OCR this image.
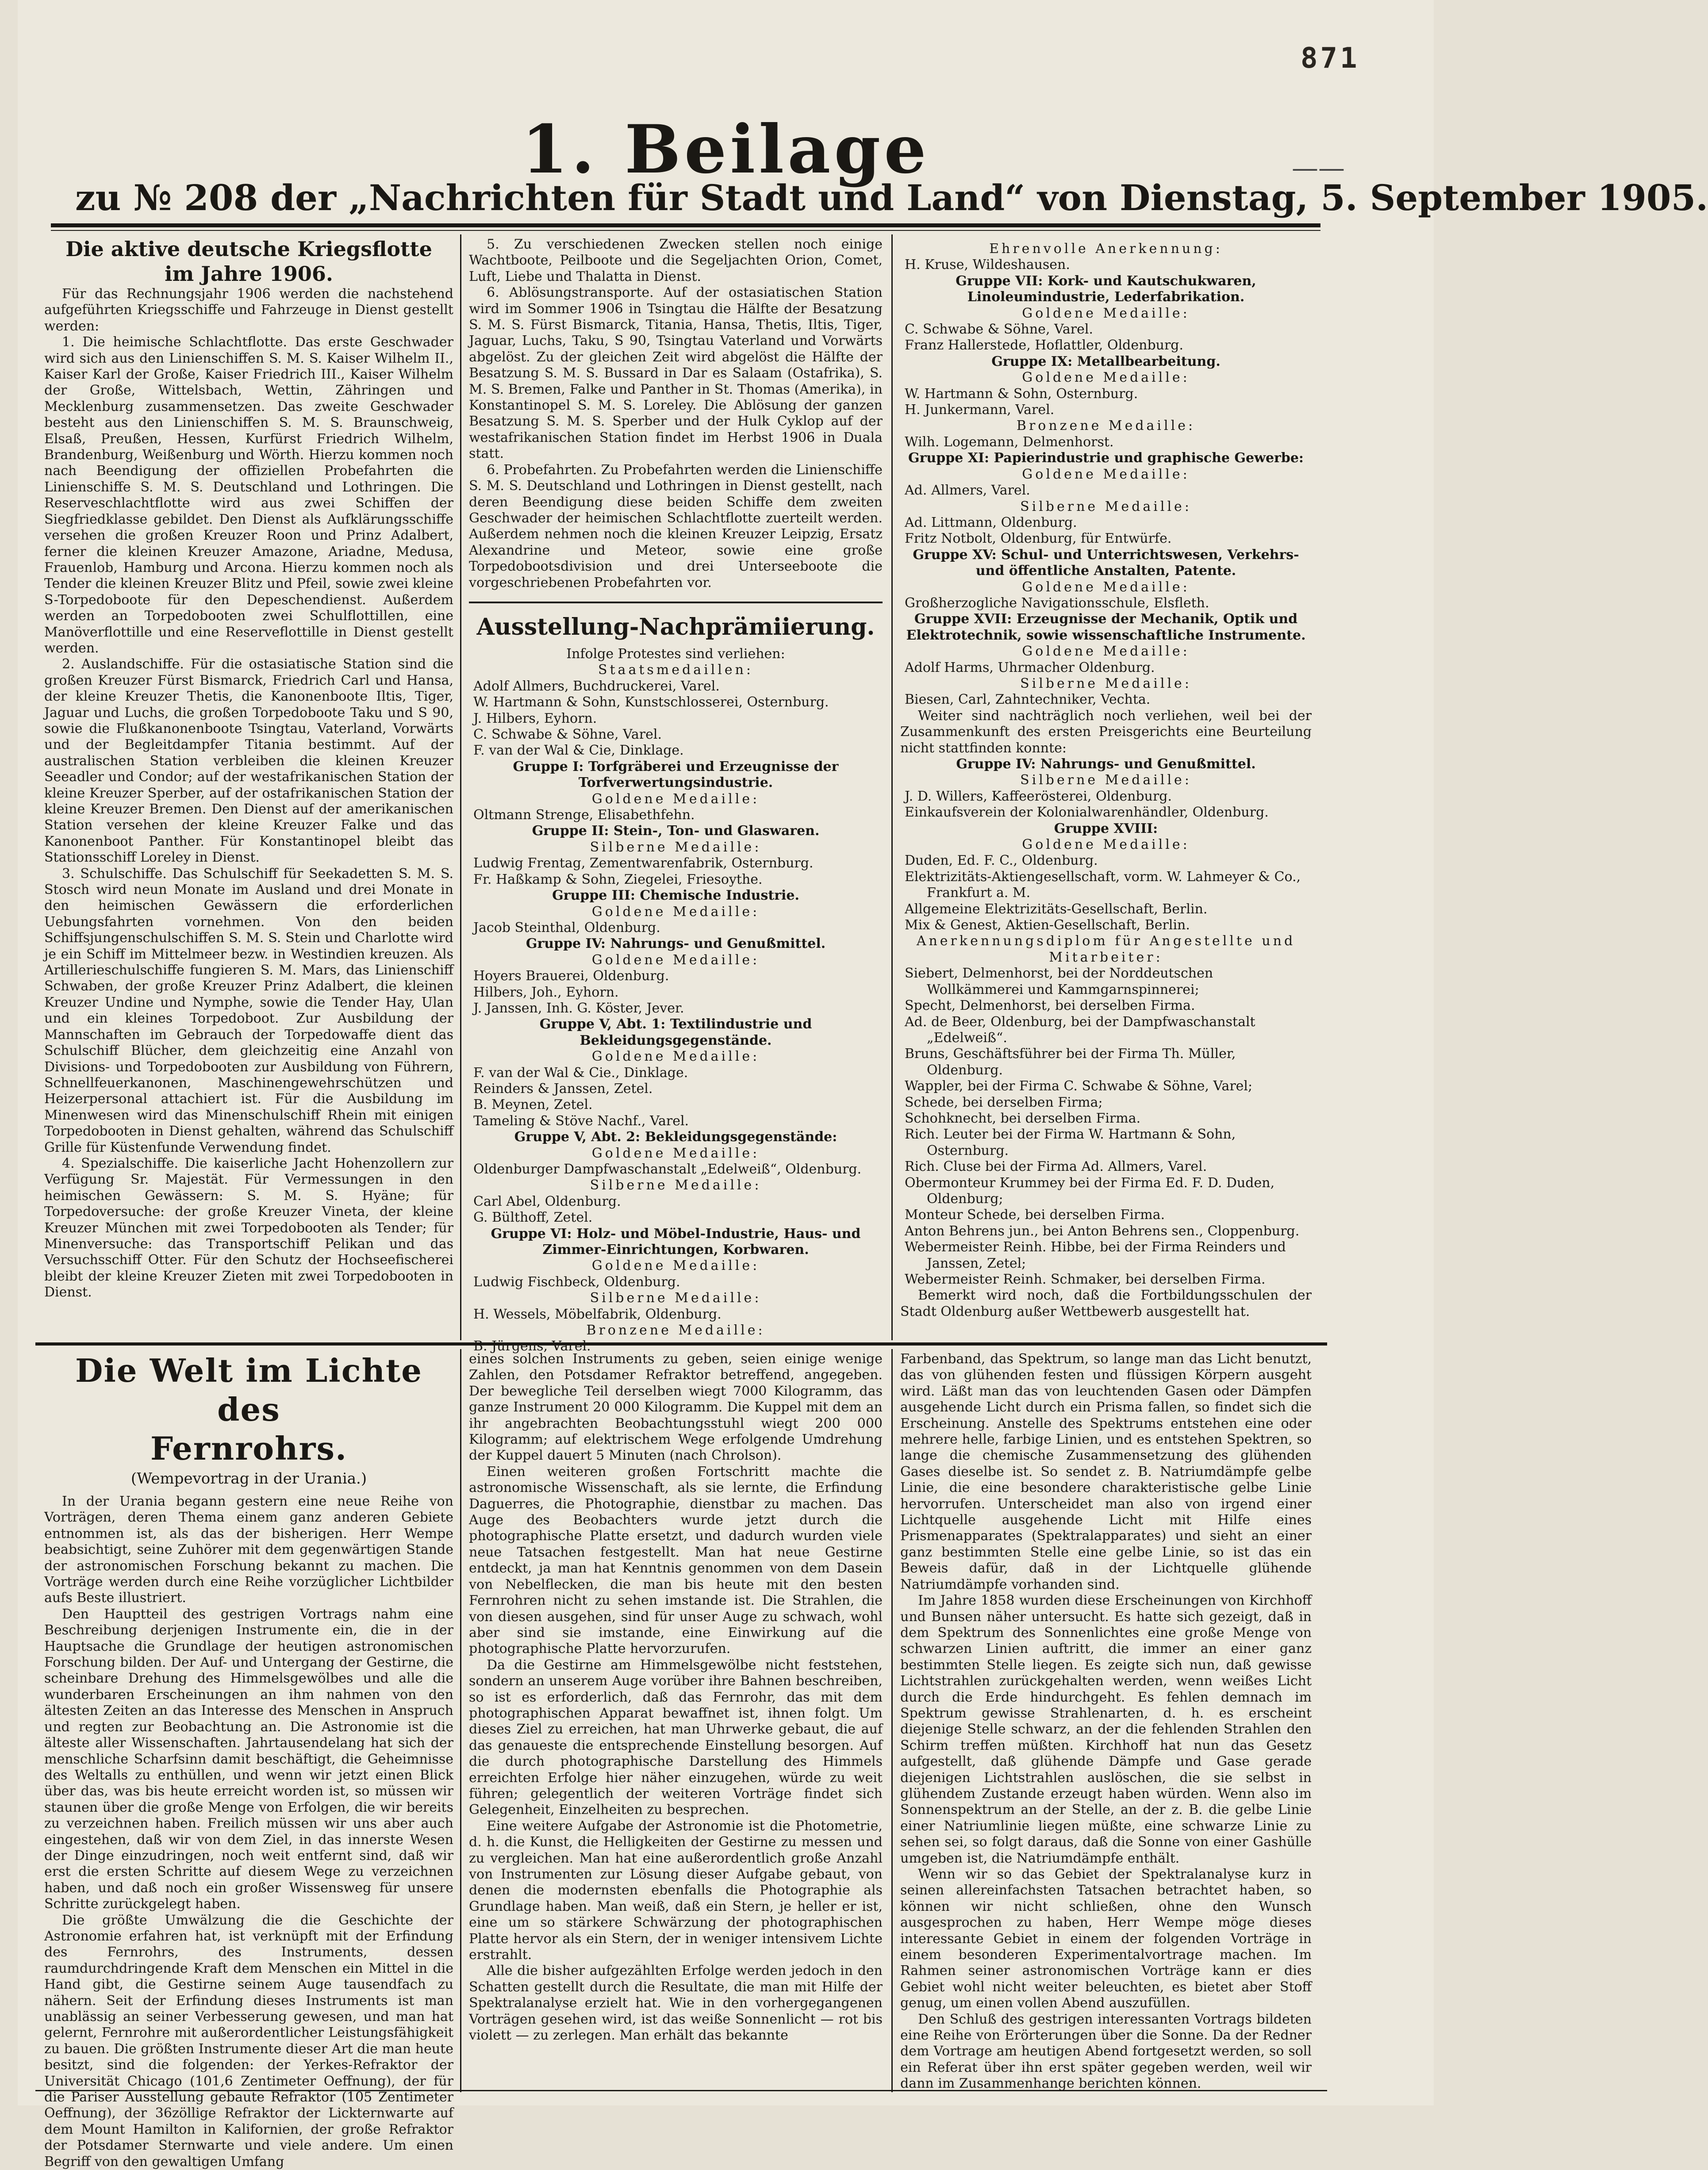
871
——
1. Beilage
zu № 208 der „Nachrichten für Stadt und Land“ von Dienstag, 5. September 1905.

Die aktive deutsche Kriegsflotte

im Jahre 1906.

Für das Rechnungsjahr 1906 werden die nachstehend aufgeführten Kriegsschiffe und Fahrzeuge in Dienst gestellt werden:

1. Die heimische Schlachtflotte. Das erste Geschwader wird sich aus den Linienschiffen S. M. S. Kaiser Wilhelm II., Kaiser Karl der Große, Kaiser Friedrich III., Kaiser Wilhelm der Große, Wittelsbach, Wettin, Zähringen und Mecklenburg zusammensetzen. Das zweite Geschwader besteht aus den Linienschiffen S. M. S. Braunschweig, Elsaß, Preußen, Hessen, Kurfürst Friedrich Wilhelm, Brandenburg, Weißenburg und Wörth. Hierzu kommen noch nach Beendigung der offiziellen Probefahrten die Linienschiffe S. M. S. Deutschland und Lothringen. Die Reserveschlachtflotte wird aus zwei Schiffen der Siegfriedklasse gebildet. Den Dienst als Aufklärungsschiffe versehen die großen Kreuzer Roon und Prinz Adalbert, ferner die kleinen Kreuzer Amazone, Ariadne, Medusa, Frauenlob, Hamburg und Arcona. Hierzu kommen noch als Tender die kleinen Kreuzer Blitz und Pfeil, sowie zwei kleine S-Torpedoboote für den Depeschendienst. Außerdem werden an Torpedobooten zwei Schulflottillen, eine Manöverflottille und eine Reserveflottille in Dienst gestellt werden.

2. Auslandschiffe. Für die ostasiatische Station sind die großen Kreuzer Fürst Bismarck, Friedrich Carl und Hansa, der kleine Kreuzer Thetis, die Kanonenboote Iltis, Tiger, Jaguar und Luchs, die großen Torpedoboote Taku und S 90, sowie die Flußkanonenboote Tsingtau, Vaterland, Vorwärts und der Begleitdampfer Titania bestimmt. Auf der australischen Station verbleiben die kleinen Kreuzer Seeadler und Condor; auf der westafrikanischen Station der kleine Kreuzer Sperber, auf der ostafrikanischen Station der kleine Kreuzer Bremen. Den Dienst auf der amerikanischen Station versehen der kleine Kreuzer Falke und das Kanonenboot Panther. Für Konstantinopel bleibt das Stationsschiff Loreley in Dienst.

3. Schulschiffe. Das Schulschiff für Seekadetten S. M. S. Stosch wird neun Monate im Ausland und drei Monate in den heimischen Gewässern die erforderlichen Uebungsfahrten vornehmen. Von den beiden Schiffsjungenschulschiffen S. M. S. Stein und Charlotte wird je ein Schiff im Mittelmeer bezw. in Westindien kreuzen. Als Artillerieschulschiffe fungieren S. M. Mars, das Linienschiff Schwaben, der große Kreuzer Prinz Adalbert, die kleinen Kreuzer Undine und Nymphe, sowie die Tender Hay, Ulan und ein kleines Torpedoboot. Zur Ausbildung der Mannschaften im Gebrauch der Torpedowaffe dient das Schulschiff Blücher, dem gleichzeitig eine Anzahl von Divisions- und Torpedobooten zur Ausbildung von Führern, Schnellfeuerkanonen, Maschinengewehrschützen und Heizerpersonal attachiert ist. Für die Ausbildung im Minenwesen wird das Minenschulschiff Rhein mit einigen Torpedobooten in Dienst gehalten, während das Schulschiff Grille für Küstenfunde Verwendung findet.

4. Spezialschiffe. Die kaiserliche Jacht Hohenzollern zur Verfügung Sr. Majestät. Für Vermessungen in den heimischen Gewässern: S. M. S. Hyäne; für Torpedoversuche: der große Kreuzer Vineta, der kleine Kreuzer München mit zwei Torpedobooten als Tender; für Minenversuche: das Transportschiff Pelikan und das Versuchsschiff Otter. Für den Schutz der Hochseefischerei bleibt der kleine Kreuzer Zieten mit zwei Torpedobooten in Dienst.

5. Zu verschiedenen Zwecken stellen noch einige Wachtboote, Peilboote und die Segeljachten Orion, Comet, Luft, Liebe und Thalatta in Dienst.

6. Ablösungstransporte. Auf der ostasiatischen Station wird im Sommer 1906 in Tsingtau die Hälfte der Besatzung S. M. S. Fürst Bismarck, Titania, Hansa, Thetis, Iltis, Tiger, Jaguar, Luchs, Taku, S 90, Tsingtau Vaterland und Vorwärts abgelöst. Zu der gleichen Zeit wird abgelöst die Hälfte der Besatzung S. M. S. Bussard in Dar es Salaam (Ostafrika), S. M. S. Bremen, Falke und Panther in St. Thomas (Amerika), in Konstantinopel S. M. S. Loreley. Die Ablösung der ganzen Besatzung S. M. S. Sperber und der Hulk Cyklop auf der westafrikanischen Station findet im Herbst 1906 in Duala statt.

6. Probefahrten. Zu Probefahrten werden die Linienschiffe S. M. S. Deutschland und Lothringen in Dienst gestellt, nach deren Beendigung diese beiden Schiffe dem zweiten Geschwader der heimischen Schlachtflotte zuerteilt werden. Außerdem nehmen noch die kleinen Kreuzer Leipzig, Ersatz Alexandrine und Meteor, sowie eine große Torpedobootsdivision und drei Unterseeboote die vorgeschriebenen Probefahrten vor.

Ausstellung-Nachprämiierung.

Infolge Protestes sind verliehen:

Staatsmedaillen:

Adolf Allmers, Buchdruckerei, Varel.

W. Hartmann & Sohn, Kunstschlosserei, Osternburg.

J. Hilbers, Eyhorn.

C. Schwabe & Söhne, Varel.

F. van der Wal & Cie, Dinklage.

Gruppe I: Torfgräberei und Erzeugnisse der Torfverwertungsindustrie.

Goldene Medaille:

Oltmann Strenge, Elisabethfehn.

Gruppe II: Stein-, Ton- und Glaswaren.

Silberne Medaille:

Ludwig Frentag, Zementwarenfabrik, Osternburg.

Fr. Haßkamp & Sohn, Ziegelei, Friesoythe.

Gruppe III: Chemische Industrie.

Goldene Medaille:

Jacob Steinthal, Oldenburg.

Gruppe IV: Nahrungs- und Genußmittel.

Goldene Medaille:

Hoyers Brauerei, Oldenburg.

Hilbers, Joh., Eyhorn.

J. Janssen, Inh. G. Köster, Jever.

Gruppe V, Abt. 1: Textilindustrie und Bekleidungsgegenstände.

Goldene Medaille:

F. van der Wal & Cie., Dinklage.

Reinders & Janssen, Zetel.

B. Meynen, Zetel.

Tameling & Stöve Nachf., Varel.

Gruppe V, Abt. 2: Bekleidungsgegenstände:

Goldene Medaille:

Oldenburger Dampfwaschanstalt „Edelweiß“, Oldenburg.

Silberne Medaille:

Carl Abel, Oldenburg.

G. Bülthoff, Zetel.

Gruppe VI: Holz- und Möbel-Industrie, Haus- und Zimmer-Einrichtungen, Korbwaren.

Goldene Medaille:

Ludwig Fischbeck, Oldenburg.

Silberne Medaille:

H. Wessels, Möbelfabrik, Oldenburg.

Bronzene Medaille:

B. Jürgens, Varel.

Ehrenvolle Anerkennung:

H. Kruse, Wildeshausen.

Gruppe VII: Kork- und Kautschukwaren, Linoleumindustrie, Lederfabrikation.

Goldene Medaille:

C. Schwabe & Söhne, Varel.

Franz Hallerstede, Hoflattler, Oldenburg.

Gruppe IX: Metallbearbeitung.

Goldene Medaille:

W. Hartmann & Sohn, Osternburg.

H. Junkermann, Varel.

Bronzene Medaille:

Wilh. Logemann, Delmenhorst.

Gruppe XI: Papierindustrie und graphische Gewerbe:

Goldene Medaille:

Ad. Allmers, Varel.

Silberne Medaille:

Ad. Littmann, Oldenburg.

Fritz Notbolt, Oldenburg, für Entwürfe.

Gruppe XV: Schul- und Unterrichtswesen, Verkehrs- und öffentliche Anstalten, Patente.

Goldene Medaille:

Großherzogliche Navigationsschule, Elsfleth.

Gruppe XVII: Erzeugnisse der Mechanik, Optik und Elektrotechnik, sowie wissenschaftliche Instrumente.

Goldene Medaille:

Adolf Harms, Uhrmacher Oldenburg.

Silberne Medaille:

Biesen, Carl, Zahntechniker, Vechta.

Weiter sind nachträglich noch verliehen, weil bei der Zusammenkunft des ersten Preisgerichts eine Beurteilung nicht stattfinden konnte:

Gruppe IV: Nahrungs- und Genußmittel.

Silberne Medaille:

J. D. Willers, Kaffeerösterei, Oldenburg.

Einkaufsverein der Kolonialwarenhändler, Oldenburg.

Gruppe XVIII:

Goldene Medaille:

Duden, Ed. F. C., Oldenburg.

Elektrizitäts-Aktiengesellschaft, vorm. W. Lahmeyer & Co., Frankfurt a. M.

Allgemeine Elektrizitäts-Gesellschaft, Berlin.

Mix & Genest, Aktien-Gesellschaft, Berlin.

Anerkennungsdiplom für Angestellte und Mitarbeiter:

Siebert, Delmenhorst, bei der Norddeutschen Wollkämmerei und Kammgarnspinnerei;

Specht, Delmenhorst, bei derselben Firma.

Ad. de Beer, Oldenburg, bei der Dampfwaschanstalt „Edelweiß“.

Bruns, Geschäftsführer bei der Firma Th. Müller, Oldenburg.

Wappler, bei der Firma C. Schwabe & Söhne, Varel;

Schede, bei derselben Firma;

Schohknecht, bei derselben Firma.

Rich. Leuter bei der Firma W. Hartmann & Sohn, Osternburg.

Rich. Cluse bei der Firma Ad. Allmers, Varel.

Obermonteur Krummey bei der Firma Ed. F. D. Duden, Oldenburg;

Monteur Schede, bei derselben Firma.

Anton Behrens jun., bei Anton Behrens sen., Cloppenburg.

Webermeister Reinh. Hibbe, bei der Firma Reinders und Janssen, Zetel;

Webermeister Reinh. Schmaker, bei derselben Firma.

Bemerkt wird noch, daß die Fortbildungsschulen der Stadt Oldenburg außer Wettbewerb ausgestellt hat.

Die Welt im Lichte des

Fernrohrs.

(Wempevortrag in der Urania.)

In der Urania begann gestern eine neue Reihe von Vorträgen, deren Thema einem ganz anderen Gebiete entnommen ist, als das der bisherigen. Herr Wempe beabsichtigt, seine Zuhörer mit dem gegenwärtigen Stande der astronomischen Forschung bekannt zu machen. Die Vorträge werden durch eine Reihe vorzüglicher Lichtbilder aufs Beste illustriert.

Den Hauptteil des gestrigen Vortrags nahm eine Beschreibung derjenigen Instrumente ein, die in der Hauptsache die Grundlage der heutigen astronomischen Forschung bilden. Der Auf- und Untergang der Gestirne, die scheinbare Drehung des Himmelsgewölbes und alle die wunderbaren Erscheinungen an ihm nahmen von den ältesten Zeiten an das Interesse des Menschen in Anspruch und regten zur Beobachtung an. Die Astronomie ist die älteste aller Wissenschaften. Jahrtausendelang hat sich der menschliche Scharfsinn damit beschäftigt, die Geheimnisse des Weltalls zu enthüllen, und wenn wir jetzt einen Blick über das, was bis heute erreicht worden ist, so müssen wir staunen über die große Menge von Erfolgen, die wir bereits zu verzeichnen haben. Freilich müssen wir uns aber auch eingestehen, daß wir von dem Ziel, in das innerste Wesen der Dinge einzudringen, noch weit entfernt sind, daß wir erst die ersten Schritte auf diesem Wege zu verzeichnen haben, und daß noch ein großer Wissensweg für unsere Schritte zurückgelegt haben.

Die größte Umwälzung die die Geschichte der Astronomie erfahren hat, ist verknüpft mit der Erfindung des Fernrohrs, des Instruments, dessen raumdurchdringende Kraft dem Menschen ein Mittel in die Hand gibt, die Gestirne seinem Auge tausendfach zu nähern. Seit der Erfindung dieses Instruments ist man unablässig an seiner Verbesserung gewesen, und man hat gelernt, Fernrohre mit außerordentlicher Leistungsfähigkeit zu bauen. Die größten Instrumente dieser Art die man heute besitzt, sind die folgenden: der Yerkes-Refraktor der Universität Chicago (101,6 Zentimeter Oeffnung), der für die Pariser Ausstellung gebaute Refraktor (105 Zentimeter Oeffnung), der 36zöllige Refraktor der Lickternwarte auf dem Mount Hamilton in Kalifornien, der große Refraktor der Potsdamer Sternwarte und viele andere. Um einen Begriff von den gewaltigen Umfang

eines solchen Instruments zu geben, seien einige wenige Zahlen, den Potsdamer Refraktor betreffend, angegeben. Der bewegliche Teil derselben wiegt 7000 Kilogramm, das ganze Instrument 20 000 Kilogramm. Die Kuppel mit dem an ihr angebrachten Beobachtungsstuhl wiegt 200 000 Kilogramm; auf elektrischem Wege erfolgende Umdrehung der Kuppel dauert 5 Minuten (nach Chrolson).

Einen weiteren großen Fortschritt machte die astronomische Wissenschaft, als sie lernte, die Erfindung Daguerres, die Photographie, dienstbar zu machen. Das Auge des Beobachters wurde jetzt durch die photographische Platte ersetzt, und dadurch wurden viele neue Tatsachen festgestellt. Man hat neue Gestirne entdeckt, ja man hat Kenntnis genommen von dem Dasein von Nebelflecken, die man bis heute mit den besten Fernrohren nicht zu sehen imstande ist. Die Strahlen, die von diesen ausgehen, sind für unser Auge zu schwach, wohl aber sind sie imstande, eine Einwirkung auf die photographische Platte hervorzurufen.

Da die Gestirne am Himmelsgewölbe nicht feststehen, sondern an unserem Auge vorüber ihre Bahnen beschreiben, so ist es erforderlich, daß das Fernrohr, das mit dem photographischen Apparat bewaffnet ist, ihnen folgt. Um dieses Ziel zu erreichen, hat man Uhrwerke gebaut, die auf das genaueste die entsprechende Einstellung besorgen. Auf die durch photographische Darstellung des Himmels erreichten Erfolge hier näher einzugehen, würde zu weit führen; gelegentlich der weiteren Vorträge findet sich Gelegenheit, Einzelheiten zu besprechen.

Eine weitere Aufgabe der Astronomie ist die Photometrie, d. h. die Kunst, die Helligkeiten der Gestirne zu messen und zu vergleichen. Man hat eine außerordentlich große Anzahl von Instrumenten zur Lösung dieser Aufgabe gebaut, von denen die modernsten ebenfalls die Photographie als Grundlage haben. Man weiß, daß ein Stern, je heller er ist, eine um so stärkere Schwärzung der photographischen Platte hervor als ein Stern, der in weniger intensivem Lichte erstrahlt.

Alle die bisher aufgezählten Erfolge werden jedoch in den Schatten gestellt durch die Resultate, die man mit Hilfe der Spektralanalyse erzielt hat. Wie in den vorhergegangenen Vorträgen gesehen wird, ist das weiße Sonnenlicht — rot bis violett — zu zerlegen. Man erhält das bekannte

Farbenband, das Spektrum, so lange man das Licht benutzt, das von glühenden festen und flüssigen Körpern ausgeht wird. Läßt man das von leuchtenden Gasen oder Dämpfen ausgehende Licht durch ein Prisma fallen, so findet sich die Erscheinung. Anstelle des Spektrums entstehen eine oder mehrere helle, farbige Linien, und es entstehen Spektren, so lange die chemische Zusammensetzung des glühenden Gases dieselbe ist. So sendet z. B. Natriumdämpfe gelbe Linie, die eine besondere charakteristische gelbe Linie hervorrufen. Unterscheidet man also von irgend einer Lichtquelle ausgehende Licht mit Hilfe eines Prismenapparates (Spektralapparates) und sieht an einer ganz bestimmten Stelle eine gelbe Linie, so ist das ein Beweis dafür, daß in der Lichtquelle glühende Natriumdämpfe vorhanden sind.

Im Jahre 1858 wurden diese Erscheinungen von Kirchhoff und Bunsen näher untersucht. Es hatte sich gezeigt, daß in dem Spektrum des Sonnenlichtes eine große Menge von schwarzen Linien auftritt, die immer an einer ganz bestimmten Stelle liegen. Es zeigte sich nun, daß gewisse Lichtstrahlen zurückgehalten werden, wenn weißes Licht durch die Erde hindurchgeht. Es fehlen demnach im Spektrum gewisse Strahlenarten, d. h. es erscheint diejenige Stelle schwarz, an der die fehlenden Strahlen den Schirm treffen müßten. Kirchhoff hat nun das Gesetz aufgestellt, daß glühende Dämpfe und Gase gerade diejenigen Lichtstrahlen auslöschen, die sie selbst in glühendem Zustande erzeugt haben würden. Wenn also im Sonnenspektrum an der Stelle, an der z. B. die gelbe Linie einer Natriumlinie liegen müßte, eine schwarze Linie zu sehen sei, so folgt daraus, daß die Sonne von einer Gashülle umgeben ist, die Natriumdämpfe enthält.

Wenn wir so das Gebiet der Spektralanalyse kurz in seinen allereinfachsten Tatsachen betrachtet haben, so können wir nicht schließen, ohne den Wunsch ausgesprochen zu haben, Herr Wempe möge dieses interessante Gebiet in einem der folgenden Vorträge in einem besonderen Experimentalvortrage machen. Im Rahmen seiner astronomischen Vorträge kann er dies Gebiet wohl nicht weiter beleuchten, es bietet aber Stoff genug, um einen vollen Abend auszufüllen.

Den Schluß des gestrigen interessanten Vortrags bildeten eine Reihe von Erörterungen über die Sonne. Da der Redner dem Vortrage am heutigen Abend fortgesetzt werden, so soll ein Referat über ihn erst später gegeben werden, weil wir dann im Zusammenhange berichten können.
